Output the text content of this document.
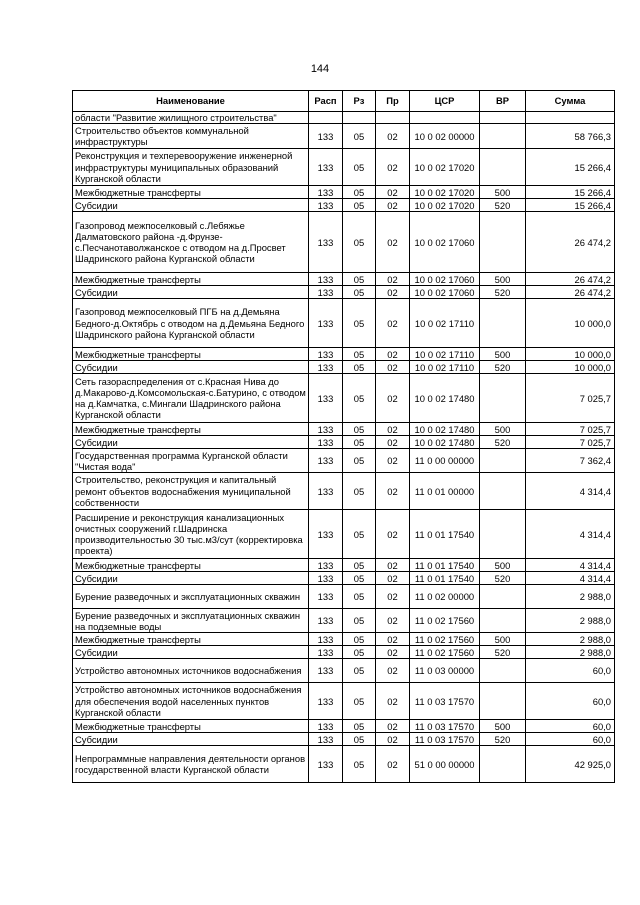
144
Наименование	Расп	Рз	Пр	ЦСР	ВР	Сумма
области "Развитие жилищного строительства"						
Строительство объектов коммунальной инфраструктуры	133	05	02	10 0 02 00000		58 766,3
Реконструкция и техперевооружение инженерной инфраструктуры муниципальных образований Курганской области	133	05	02	10 0 02 17020		15 266,4
Межбюджетные трансферты	133	05	02	10 0 02 17020	500	15 266,4
Субсидии	133	05	02	10 0 02 17020	520	15 266,4
Газопровод межпоселковый с.Лебяжье Далматовского района -д.Фрунзе-с.Песчанотаволжанское с отводом на д.Просвет Шадринского района Курганской области	133	05	02	10 0 02 17060		26 474,2
Межбюджетные трансферты	133	05	02	10 0 02 17060	500	26 474,2
Субсидии	133	05	02	10 0 02 17060	520	26 474,2
Газопровод межпоселковый ПГБ на д.Демьяна Бедного-д.Октябрь с отводом на д.Демьяна Бедного Шадринского района Курганской области	133	05	02	10 0 02 17110		10 000,0
Межбюджетные трансферты	133	05	02	10 0 02 17110	500	10 000,0
Субсидии	133	05	02	10 0 02 17110	520	10 000,0
Сеть газораспределения от с.Красная Нива до д.Макарово-д.Комсомольская-с.Батурино, с отводом на д.Камчатка, с.Мингали Шадринского района Курганской области	133	05	02	10 0 02 17480		7 025,7
Межбюджетные трансферты	133	05	02	10 0 02 17480	500	7 025,7
Субсидии	133	05	02	10 0 02 17480	520	7 025,7
Государственная программа Курганской области "Чистая вода"	133	05	02	11 0 00 00000		7 362,4
Строительство, реконструкция и капитальный ремонт объектов водоснабжения муниципальной собственности	133	05	02	11 0 01 00000		4 314,4
Расширение и реконструкция канализационных очистных сооружений г.Шадринска производительностью 30 тыс.м3/сут (корректировка проекта)	133	05	02	11 0 01 17540		4 314,4
Межбюджетные трансферты	133	05	02	11 0 01 17540	500	4 314,4
Субсидии	133	05	02	11 0 01 17540	520	4 314,4
Бурение разведочных и эксплуатационных скважин	133	05	02	11 0 02 00000		2 988,0
Бурение разведочных и эксплуатационных скважин на подземные воды	133	05	02	11 0 02 17560		2 988,0
Межбюджетные трансферты	133	05	02	11 0 02 17560	500	2 988,0
Субсидии	133	05	02	11 0 02 17560	520	2 988,0
Устройство автономных источников водоснабжения	133	05	02	11 0 03 00000		60,0
Устройство автономных источников водоснабжения для обеспечения водой населенных пунктов Курганской области	133	05	02	11 0 03 17570		60,0
Межбюджетные трансферты	133	05	02	11 0 03 17570	500	60,0
Субсидии	133	05	02	11 0 03 17570	520	60,0
Непрограммные направления деятельности органов государственной власти Курганской области	133	05	02	51 0 00 00000		42 925,0
